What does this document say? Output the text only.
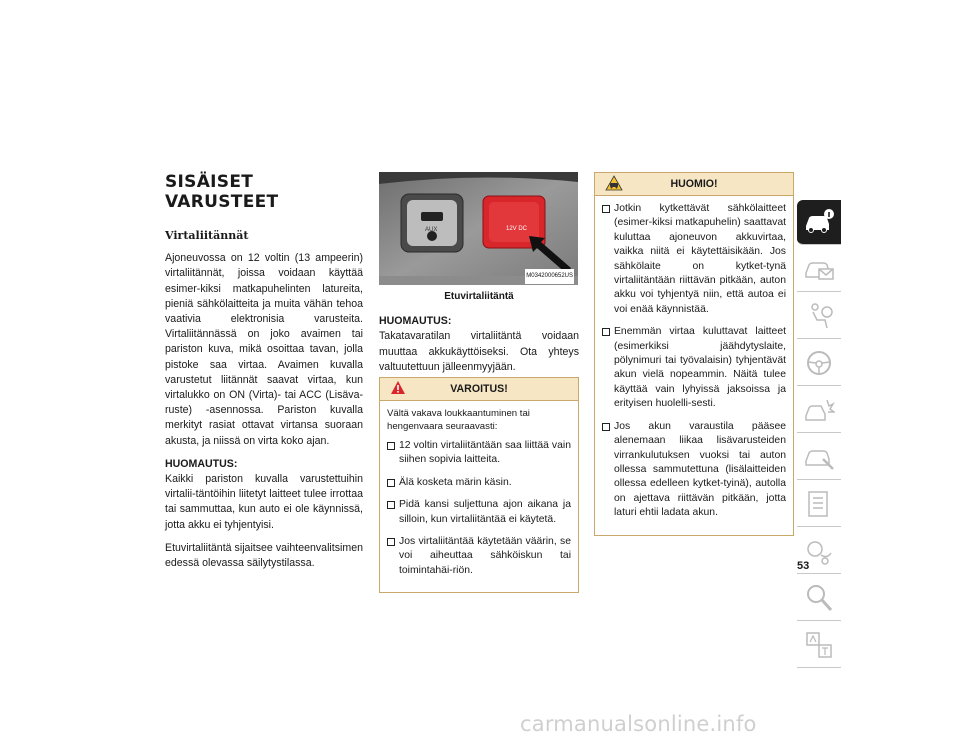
SISÄISET VARUSTEET
Virtaliitännät

Ajoneuvossa on 12 voltin (13 ampeerin) virtaliitännät, joissa voidaan käyttää esimer-kiksi matkapuhelinten latureita, pieniä sähkölaitteita ja muita vähän tehoa vaativia elektronisia varusteita. Virtaliitännässä on joko avaimen tai pariston kuva, mikä osoittaa tavan, jolla pistoke saa virtaa. Avaimen kuvalla varustetut liitännät saavat virtaa, kun virtalukko on ON (Virta)- tai ACC (Lisäva-ruste) -asennossa. Pariston kuvalla merkityt rasiat ottavat virtansa suoraan akusta, ja niissä on virta koko ajan.

HUOMAUTUS:
Kaikki pariston kuvalla varustettuihin virtalii-täntöihin liitetyt laitteet tulee irrottaa tai sammuttaa, kun auto ei ole käynnissä, jotta akku ei tyhjentyisi.

Etuvirtaliitäntä sijaitsee vaihteenvalitsimen edessä olevassa säilytystilassa.

AUX	12V DC
M0342000652US
Etuvirtaliitäntä

HUOMAUTUS:
Takatavaratilan virtaliitäntä voidaan muuttaa akkukäyttöiseksi. Ota yhteys valtuutettuun jälleenmyyjään.

VAROITUS!
Vältä vakava loukkaantuminen tai hengenvaara seuraavasti:
12 voltin virtaliitäntään saa liittää vain siihen sopivia laitteita.
Älä kosketa märin käsin.
Pidä kansi suljettuna ajon aikana ja silloin, kun virtaliitäntää ei käytetä.
Jos virtaliitäntää käytetään väärin, se voi aiheuttaa sähköiskun tai toimintahäi-riön.
HUOMIO!
Jotkin kytkettävät sähkölaitteet (esimer-kiksi matkapuhelin) saattavat kuluttaa ajoneuvon akkuvirtaa, vaikka niitä ei käytettäisikään. Jos sähkölaite on kytket-tynä virtaliitäntään riittävän pitkään, auton akku voi tyhjentyä niin, että autoa ei voi enää käynnistää.
Enemmän virtaa kuluttavat laitteet (esimerkiksi jäähdytyslaite, pölynimuri tai työvalaisin) tyhjentävät akun vielä nopeammin. Näitä tulee käyttää vain lyhyissä jaksoissa ja erityisen huolelli-sesti.
Jos akun varaustila pääsee alenemaan liikaa lisävarusteiden virrankulutuksen vuoksi tai auton ollessa sammutettuna (lisälaitteiden ollessa edelleen kytket-tyinä), autolla on ajettava riittävän pitkään, jotta laturi ehtii ladata akun.
53
carmanualsonline.info
